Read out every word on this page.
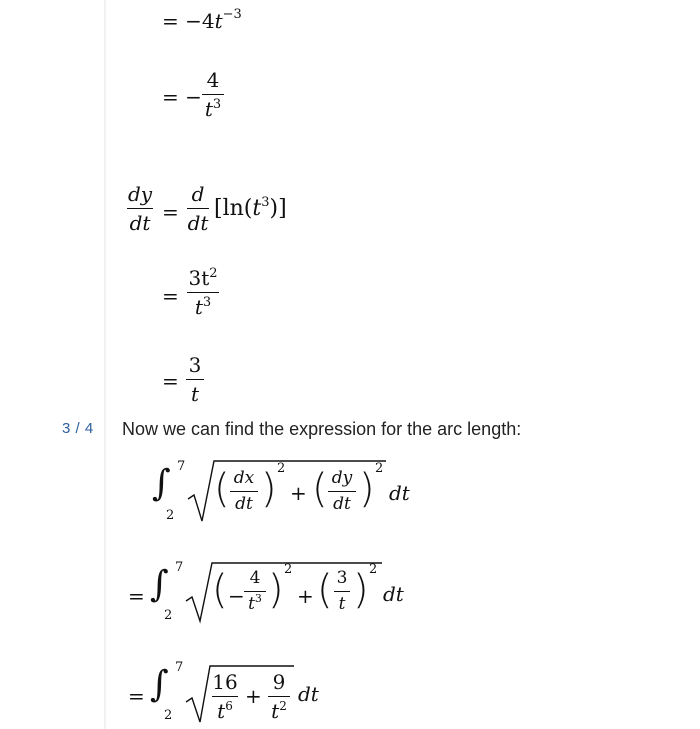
= $-4t^{-3}$
= −
4
$t^3$
dy
dt =
d
dt
$[\ln(t^3)]$
=
$3t^2$
$t^3$
=
3
t
3 / 4 Now we can find the expression for the arc length:
∫ 7
2
( dx
dt ) 2
+ ( dy
dt ) 2
dt
= ∫ 7
2
( −
4
$t^3$ ) 2
+ ( 3
t ) 2
dt
= ∫ 7
2
16
$t^6$ +
9
$t^2$ dt
